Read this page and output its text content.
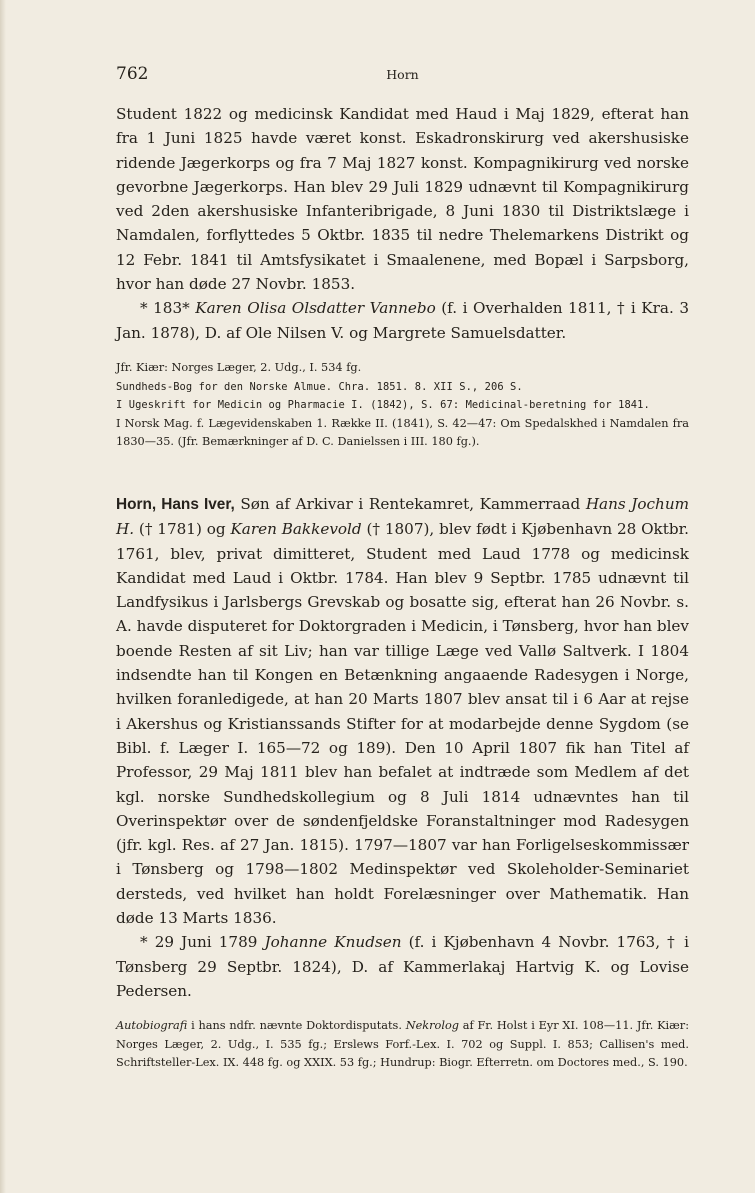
762	Horn

Student 1822 og medicinsk Kandidat med Haud i Maj 1829, efterat han fra 1 Juni 1825 havde været konst. Eskadronskirurg ved akershusiske ridende Jægerkorps og fra 7 Maj 1827 konst. Kompagnikirurg ved norske gevorbne Jægerkorps. Han blev 29 Juli 1829 udnævnt til Kompagnikirurg ved 2den akershusiske Infanteribrigade, 8 Juni 1830 til Distriktslæge i Namdalen, forflyttedes 5 Oktbr. 1835 til nedre Thelemarkens Distrikt og 12 Febr. 1841 til Amtsfysikatet i Smaalenene, med Bopæl i Sarpsborg, hvor han døde 27 Novbr. 1853.

* 183* Karen Olisa Olsdatter Vannebo (f. i Overhalden 1811, † i Kra. 3 Jan. 1878), D. af Ole Nilsen V. og Margrete Samuelsdatter.

Jfr. Kiær: Norges Læger, 2. Udg., I. 534 fg.

Sundheds-Bog for den Norske Almue. Chra. 1851. 8. XII S., 206 S.

I Ugeskrift for Medicin og Pharmacie I. (1842), S. 67: Medicinal-beretning for 1841.

I Norsk Mag. f. Lægevidenskaben 1. Række II. (1841), S. 42—47: Om Spedalskhed i Namdalen fra 1830—35. (Jfr. Bemærkninger af D. C. Danielssen i III. 180 fg.).

Horn, Hans Iver, Søn af Arkivar i Rentekamret, Kammerraad Hans Jochum H. († 1781) og Karen Bakkevold († 1807), blev født i Kjøbenhavn 28 Oktbr. 1761, blev, privat dimitteret, Student med Laud 1778 og medicinsk Kandidat med Laud i Oktbr. 1784. Han blev 9 Septbr. 1785 udnævnt til Landfysikus i Jarlsbergs Grevskab og bosatte sig, efterat han 26 Novbr. s. A. havde disputeret for Doktorgraden i Medicin, i Tønsberg, hvor han blev boende Resten af sit Liv; han var tillige Læge ved Vallø Saltverk. I 1804 indsendte han til Kongen en Betænkning angaaende Radesygen i Norge, hvilken foranledigede, at han 20 Marts 1807 blev ansat til i 6 Aar at rejse i Akershus og Kristianssands Stifter for at modarbejde denne Sygdom (se Bibl. f. Læger I. 165—72 og 189). Den 10 April 1807 fik han Titel af Professor, 29 Maj 1811 blev han befalet at indtræde som Medlem af det kgl. norske Sundhedskollegium og 8 Juli 1814 udnævntes han til Overinspektør over de søndenfjeldske Foranstaltninger mod Radesygen (jfr. kgl. Res. af 27 Jan. 1815). 1797—1807 var han Forligelseskommissær i Tønsberg og 1798—1802 Medinspektør ved Skoleholder-Seminariet dersteds, ved hvilket han holdt Forelæsninger over Mathematik. Han døde 13 Marts 1836.

* 29 Juni 1789 Johanne Knudsen (f. i Kjøbenhavn 4 Novbr. 1763, † i Tønsberg 29 Septbr. 1824), D. af Kammerlakaj Hartvig K. og Lovise Pedersen.

Autobiografi i hans ndfr. nævnte Doktordisputats. Nekrolog af Fr. Holst i Eyr XI. 108—11. Jfr. Kiær: Norges Læger, 2. Udg., I. 535 fg.; Erslews Forf.-Lex. I. 702 og Suppl. I. 853; Callisen's med. Schriftsteller-Lex. IX. 448 fg. og XXIX. 53 fg.; Hundrup: Biogr. Efterretn. om Doctores med., S. 190.
